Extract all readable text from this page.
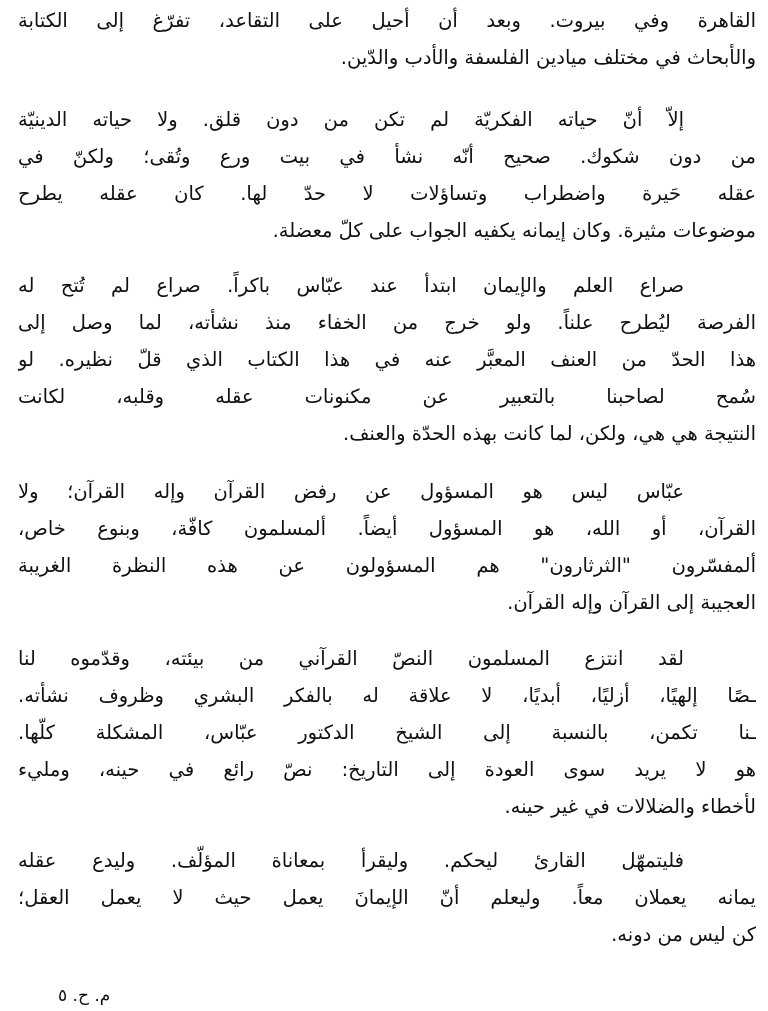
القاهرة وفي بيروت. وبعد أن أحيل على التقاعد، تفرّغ إلى الكتابة
والأبحاث في مختلف ميادين الفلسفة والأدب والدّين.
إلاّ أنّ حياته الفكريّة لم تكن من دون قلق. ولا حياته الدينيّة
من دون شكوك. صحيح أنّه نشأ في بيت ورع وتُقى؛ ولكنّ في
عقله حَيرة واضطراب وتساؤلات لا حدّ لها. كان عقله يطرح
موضوعات مثيرة. وكان إيمانه يكفيه الجواب على كلّ معضلة.
صراع العلم والإيمان ابتدأ عند عبّاس باكراً. صراع لم تُتح له
الفرصة ليُطرح علناً. ولو خرج من الخفاء منذ نشأته، لما وصل إلى
هذا الحدّ من العنف المعبَّر عنه في هذا الكتاب الذي قلّ نظيره. لو
سُمح لصاحبنا بالتعبير عن مكنونات عقله وقلبه، لكانت
النتيجة هي هي، ولكن، لما كانت بهذه الحدّة والعنف.
عبّاس ليس هو المسؤول عن رفض القرآن وإله القرآن؛ ولا
القرآن، أو الله، هو المسؤول أيضاً. ألمسلمون كافّة، وبنوع خاص،
ألمفسّرون "الثرثارون" هم المسؤولون عن هذه النظرة الغريبة
العجيبة إلى القرآن وإله القرآن.
لقد انتزع المسلمون النصّ القرآني من بيئته، وقدّموه لنا
ـصًا إلهيًا، أزليًا، أبديًا، لا علاقة له بالفكر البشري وظروف نشأته.
ـنا تكمن، بالنسبة إلى الشيخ الدكتور عبّاس، المشكلة كلّها.
هو لا يريد سوى العودة إلى التاريخ: نصّ رائع في حينه، ومليء
لأخطاء والضلالات في غير حينه.
فليتمهّل القارئ ليحكم. وليقرأ بمعاناة المؤلّف. وليدع عقله
يمانه يعملان معاً. وليعلم أنّ الإيمانَ يعمل حيث لا يعمل العقل؛
كن ليس من دونه.
م. ح. ٥
